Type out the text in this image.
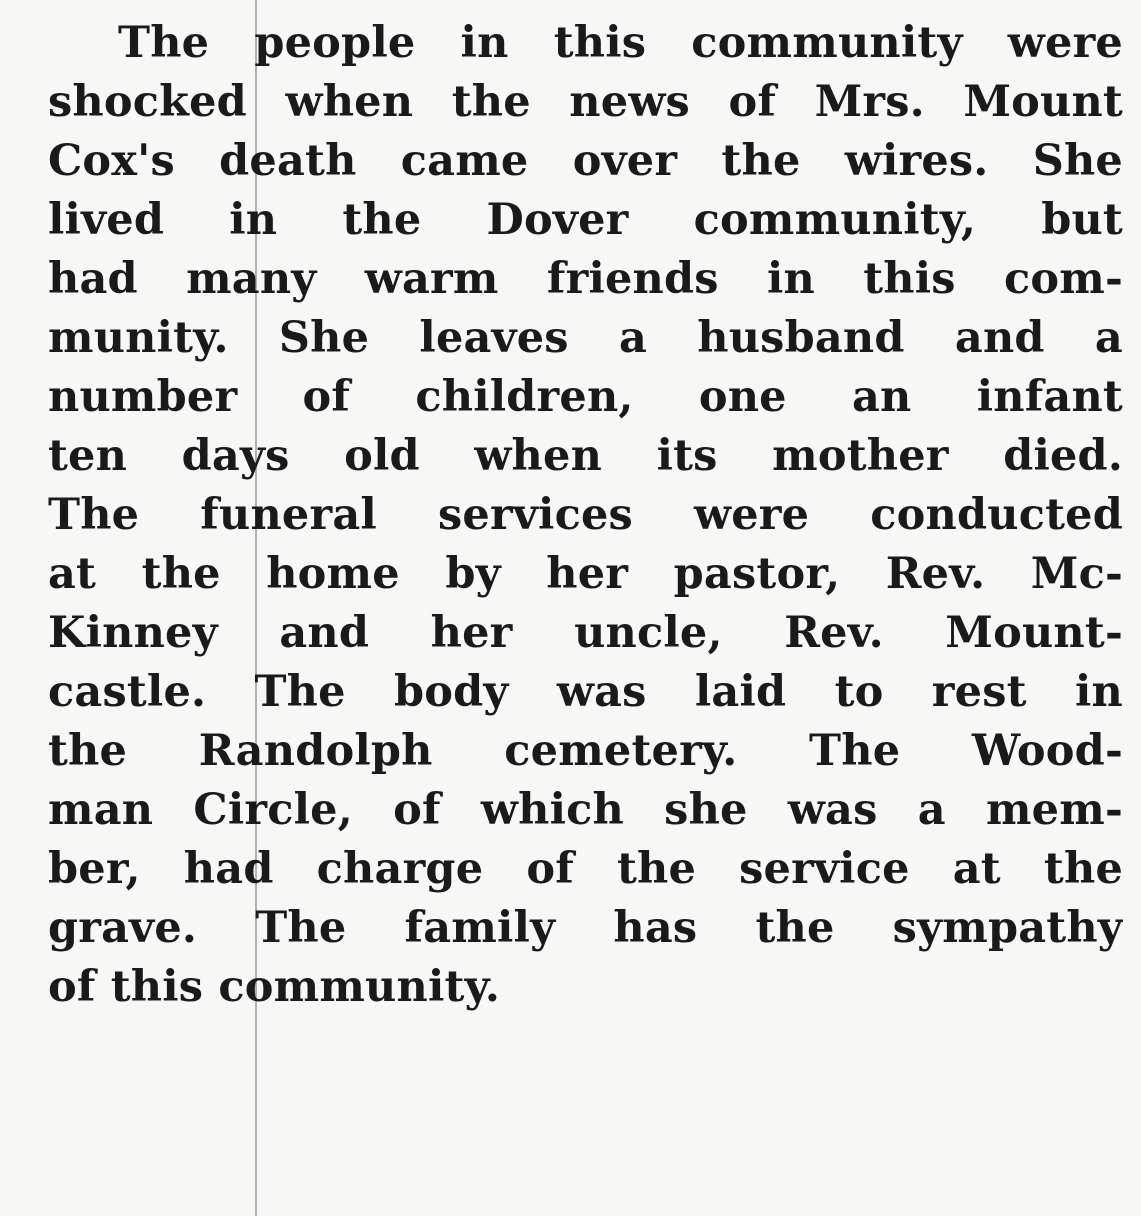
The people in this community were
shocked when the news of Mrs. Mount
Cox's death came over the wires. She
lived in the Dover community, but
had many warm friends in this com-
munity. She leaves a husband and a
number of children, one an infant
ten days old when its mother died.
The funeral services were conducted
at the home by her pastor, Rev. Mc-
Kinney and her uncle, Rev. Mount-
castle. The body was laid to rest in
the Randolph cemetery. The Wood-
man Circle, of which she was a mem-
ber, had charge of the service at the
grave. The family has the sympathy
of this community.
